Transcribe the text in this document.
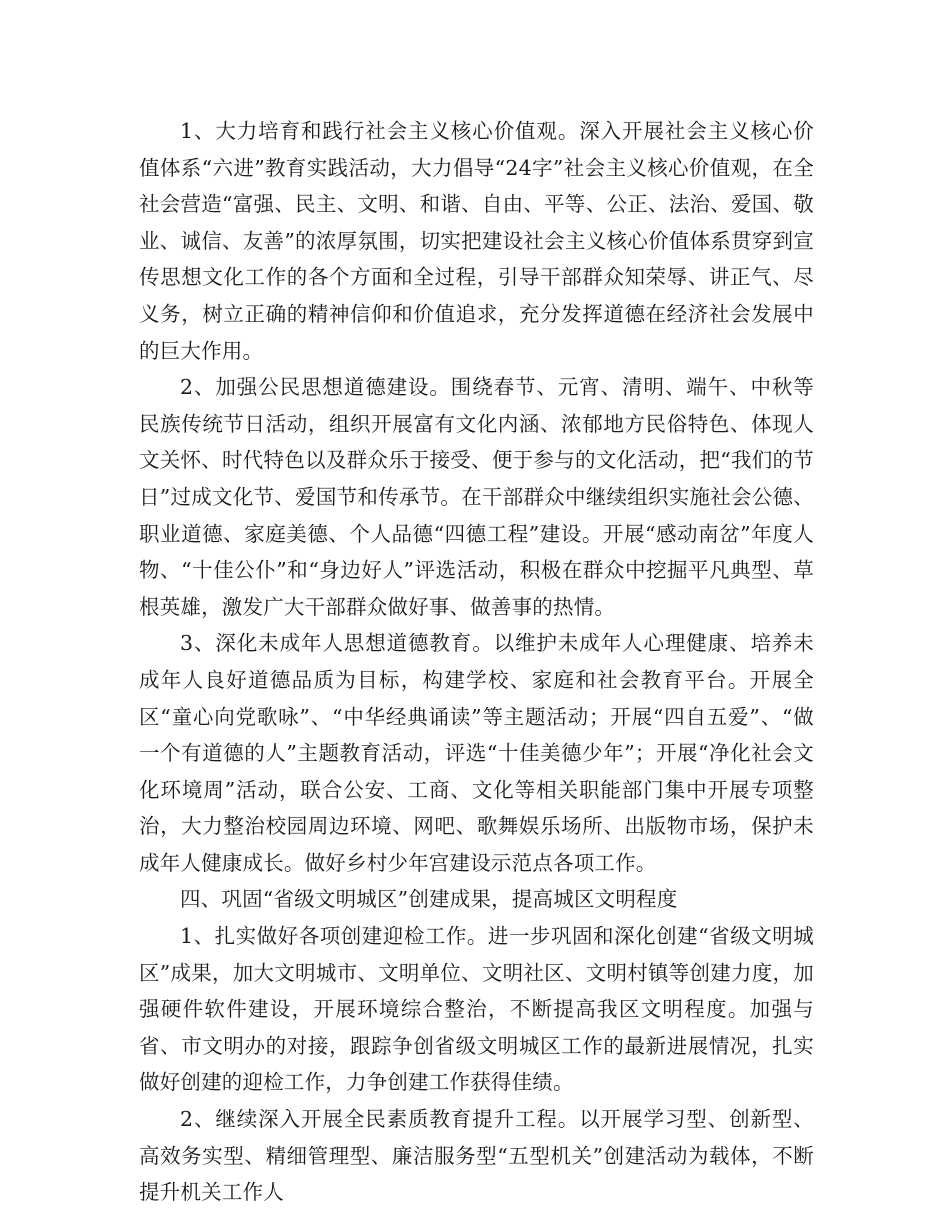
1、大力培育和践行社会主义核心价值观。深入开展社会主义核心价值体系“六进”教育实践活动，大力倡导“24字”社会主义核心价值观，在全社会营造“富强、民主、文明、和谐、自由、平等、公正、法治、爱国、敬业、诚信、友善”的浓厚氛围，切实把建设社会主义核心价值体系贯穿到宣传思想文化工作的各个方面和全过程，引导干部群众知荣辱、讲正气、尽义务，树立正确的精神信仰和价值追求，充分发挥道德在经济社会发展中的巨大作用。

2、加强公民思想道德建设。围绕春节、元宵、清明、端午、中秋等民族传统节日活动，组织开展富有文化内涵、浓郁地方民俗特色、体现人文关怀、时代特色以及群众乐于接受、便于参与的文化活动，把“我们的节日”过成文化节、爱国节和传承节。在干部群众中继续组织实施社会公德、职业道德、家庭美德、个人品德“四德工程”建设。开展“感动南岔”年度人物、“十佳公仆”和“身边好人”评选活动，积极在群众中挖掘平凡典型、草根英雄，激发广大干部群众做好事、做善事的热情。

3、深化未成年人思想道德教育。以维护未成年人心理健康、培养未成年人良好道德品质为目标，构建学校、家庭和社会教育平台。开展全区“童心向党歌咏”、“中华经典诵读”等主题活动；开展“四自五爱”、“做一个有道德的人”主题教育活动，评选“十佳美德少年”；开展“净化社会文化环境周”活动，联合公安、工商、文化等相关职能部门集中开展专项整治，大力整治校园周边环境、网吧、歌舞娱乐场所、出版物市场，保护未成年人健康成长。做好乡村少年宫建设示范点各项工作。

四、巩固“省级文明城区”创建成果，提高城区文明程度

1、扎实做好各项创建迎检工作。进一步巩固和深化创建“省级文明城区”成果，加大文明城市、文明单位、文明社区、文明村镇等创建力度，加强硬件软件建设，开展环境综合整治，不断提高我区文明程度。加强与省、市文明办的对接，跟踪争创省级文明城区工作的最新进展情况，扎实做好创建的迎检工作，力争创建工作获得佳绩。

2、继续深入开展全民素质教育提升工程。以开展学习型、创新型、高效务实型、精细管理型、廉洁服务型“五型机关”创建活动为载体，不断提升机关工作人
